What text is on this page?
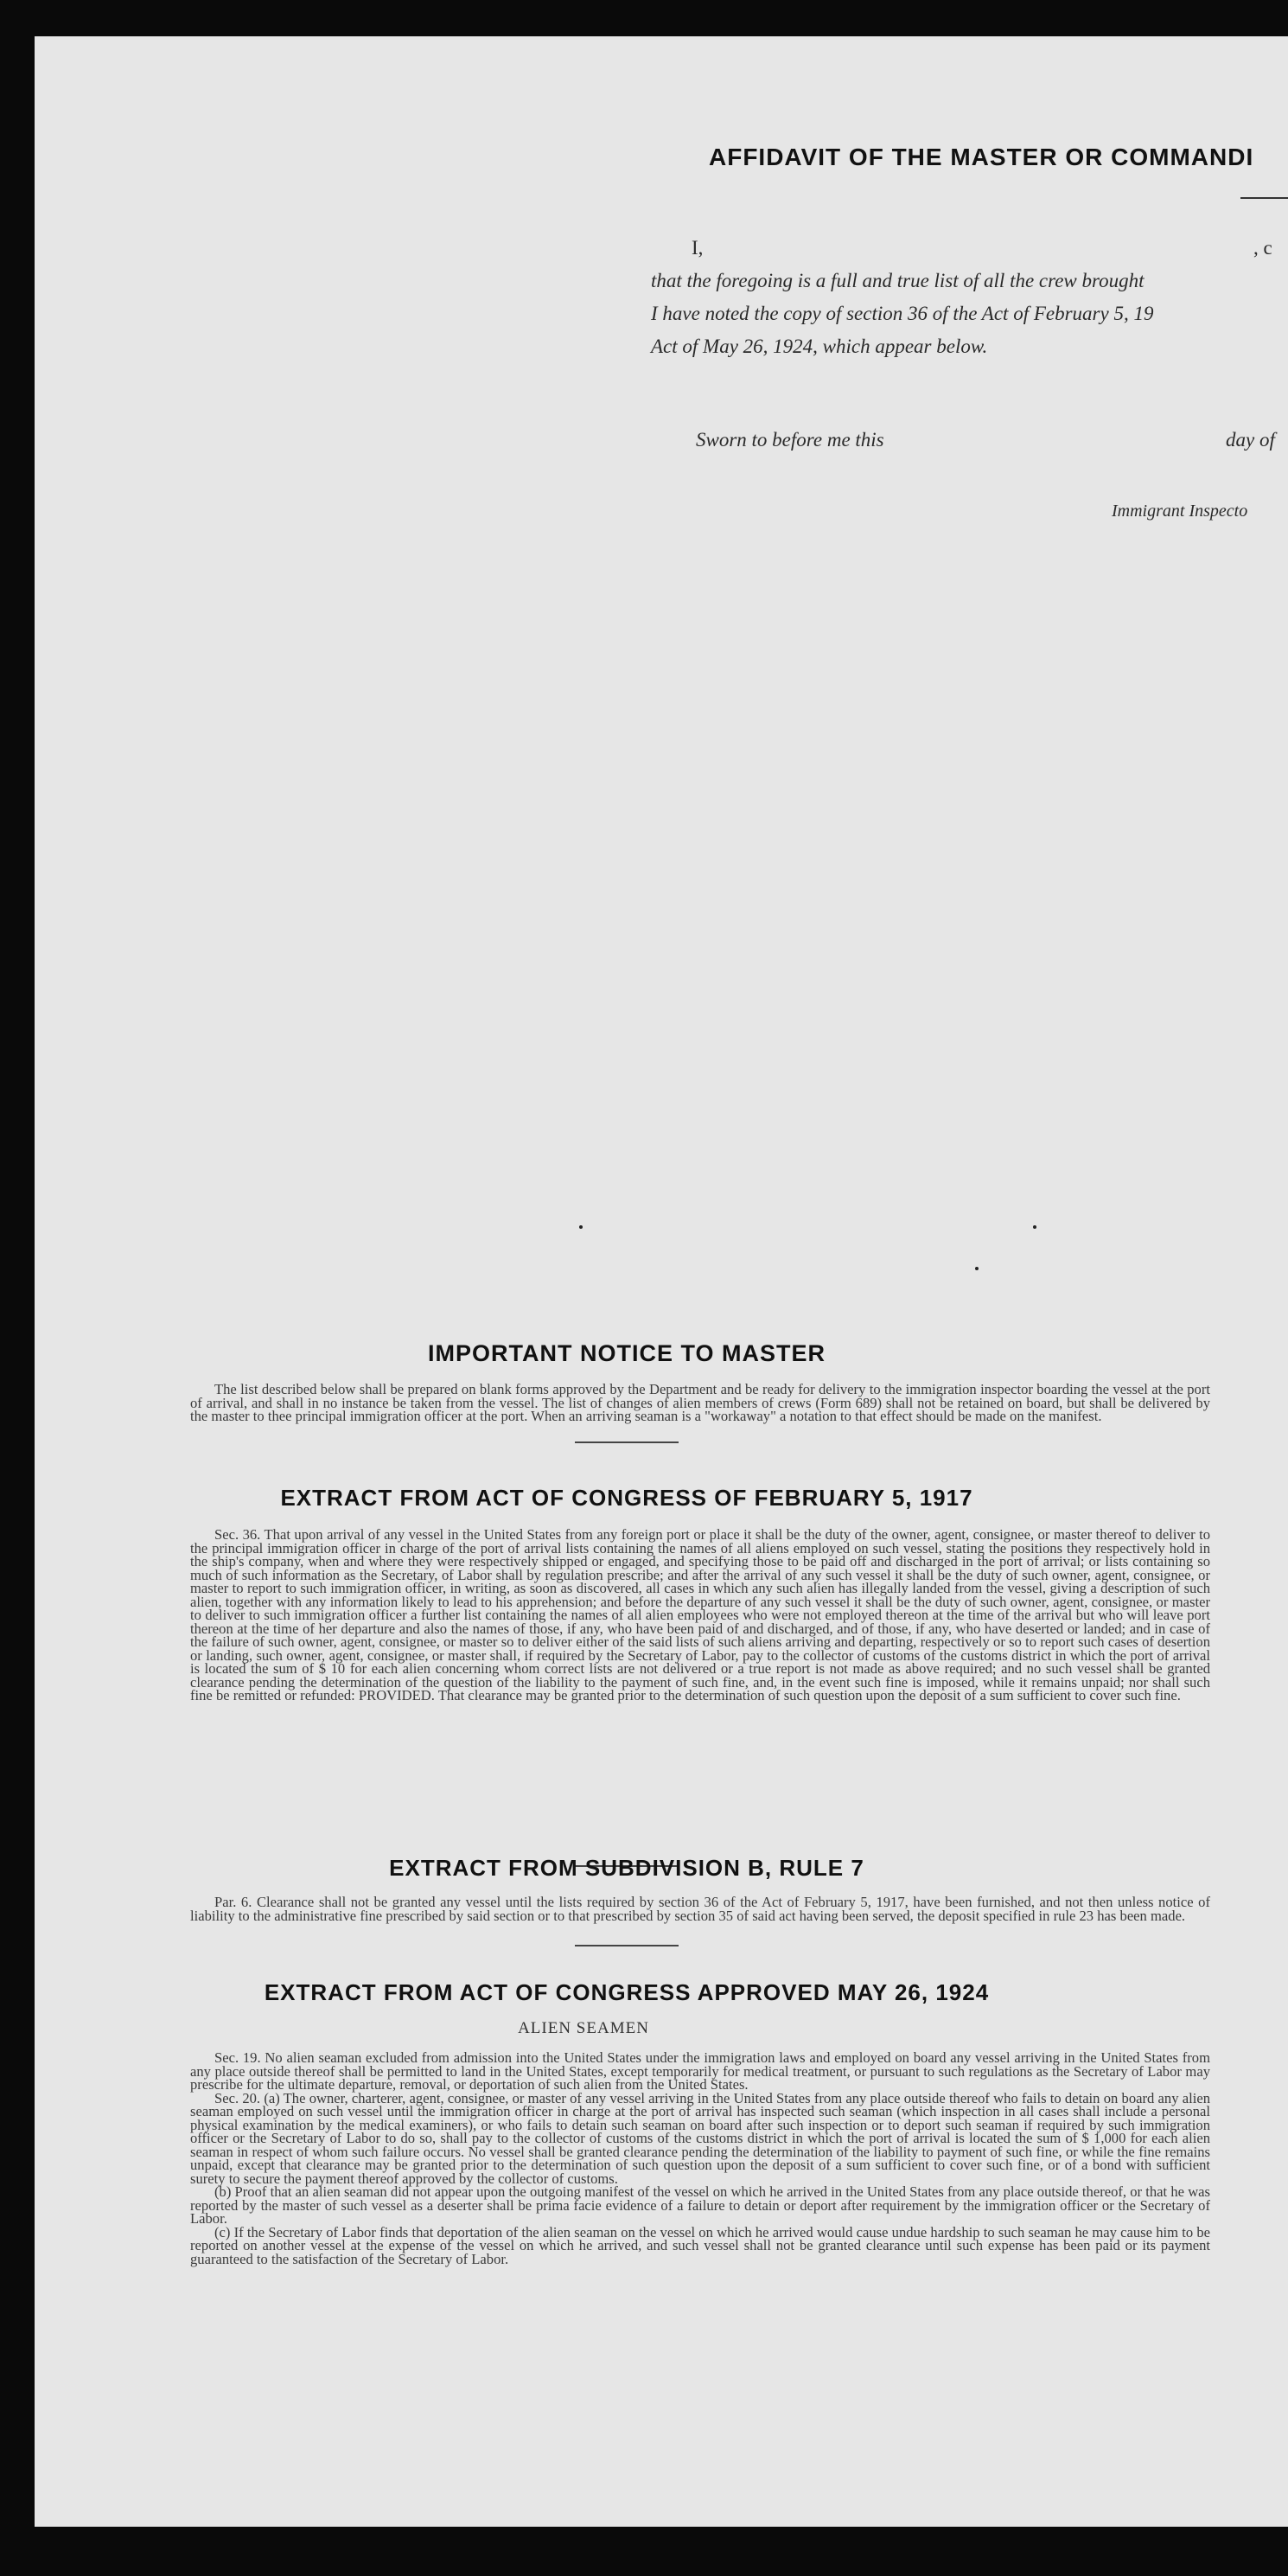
AFFIDAVIT OF THE MASTER OR COMMANDI
I,	, c
that the foregoing is a full and true list of all the crew brought
I have noted the copy of section 36 of the Act of February 5, 19
Act of May 26, 1924, which appear below.
Sworn to before me this	day of
Immigrant Inspecto
IMPORTANT NOTICE TO MASTER

The list described below shall be prepared on blank forms approved by the Department and be ready for delivery to the immigration inspector boarding the vessel at the port of arrival, and shall in no instance be taken from the vessel. The list of changes of alien members of crews (Form 689) shall not be retained on board, but shall be delivered by the master to thee principal immigration officer at the port. When an arriving seaman is a "workaway" a notation to that effect should be made on the manifest.

EXTRACT FROM ACT OF CONGRESS OF FEBRUARY 5, 1917

Sec. 36. That upon arrival of any vessel in the United States from any foreign port or place it shall be the duty of the owner, agent, consignee, or master thereof to deliver to the principal immigration officer in charge of the port of arrival lists containing the names of all aliens employed on such vessel, stating the positions they respectively hold in the ship's company, when and where they were respectively shipped or engaged, and specifying those to be paid off and discharged in the port of arrival; or lists containing so much of such information as the Secretary, of Labor shall by regulation prescribe; and after the arrival of any such vessel it shall be the duty of such owner, agent, consignee, or master to report to such immigration officer, in writing, as soon as discovered, all cases in which any such alien has illegally landed from the vessel, giving a description of such alien, together with any information likely to lead to his apprehension; and before the departure of any such vessel it shall be the duty of such owner, agent, consignee, or master to deliver to such immigration officer a further list containing the names of all alien employees who were not employed thereon at the time of the arrival but who will leave port thereon at the time of her departure and also the names of those, if any, who have been paid of and discharged, and of those, if any, who have deserted or landed; and in case of the failure of such owner, agent, consignee, or master so to deliver either of the said lists of such aliens arriving and departing, respectively or so to report such cases of desertion or landing, such owner, agent, consignee, or master shall, if required by the Secretary of Labor, pay to the collector of customs of the customs district in which the port of arrival is located the sum of $ 10 for each alien concerning whom correct lists are not delivered or a true report is not made as above required; and no such vessel shall be granted clearance pending the determination of the question of the liability to the payment of such fine, and, in the event such fine is imposed, while it remains unpaid; nor shall such fine be remitted or refunded: PROVIDED. That clearance may be granted prior to the determination of such question upon the deposit of a sum sufficient to cover such fine.

EXTRACT FROM SUBDIVISION B, RULE 7

Par. 6. Clearance shall not be granted any vessel until the lists required by section 36 of the Act of February 5, 1917, have been furnished, and not then unless notice of liability to the administrative fine prescribed by said section or to that prescribed by section 35 of said act having been served, the deposit specified in rule 23 has been made.

EXTRACT FROM ACT OF CONGRESS APPROVED MAY 26, 1924
ALIEN SEAMEN

Sec. 19. No alien seaman excluded from admission into the United States under the immigration laws and employed on board any vessel arriving in the United States from any place outside thereof shall be permitted to land in the United States, except temporarily for medical treatment, or pursuant to such regulations as the Secretary of Labor may prescribe for the ultimate departure, removal, or deportation of such alien from the United States.

Sec. 20. (a) The owner, charterer, agent, consignee, or master of any vessel arriving in the United States from any place outside thereof who fails to detain on board any alien seaman employed on such vessel until the immigration officer in charge at the port of arrival has inspected such seaman (which inspection in all cases shall include a personal physical examination by the medical examiners), or who fails to detain such seaman on board after such inspection or to deport such seaman if required by such immigration officer or the Secretary of Labor to do so, shall pay to the collector of customs of the customs district in which the port of arrival is located the sum of $ 1,000 for each alien seaman in respect of whom such failure occurs. No vessel shall be granted clearance pending the determination of the liability to payment of such fine, or while the fine remains unpaid, except that clearance may be granted prior to the determination of such question upon the deposit of a sum sufficient to cover such fine, or of a bond with sufficient surety to secure the payment thereof approved by the collector of customs.

(b) Proof that an alien seaman did not appear upon the outgoing manifest of the vessel on which he arrived in the United States from any place outside thereof, or that he was reported by the master of such vessel as a deserter shall be prima facie evidence of a failure to detain or deport after requirement by the immigration officer or the Secretary of Labor.

(c) If the Secretary of Labor finds that deportation of the alien seaman on the vessel on which he arrived would cause undue hardship to such seaman he may cause him to be reported on another vessel at the expense of the vessel on which he arrived, and such vessel shall not be granted clearance until such expense has been paid or its payment guaranteed to the satisfaction of the Secretary of Labor.
